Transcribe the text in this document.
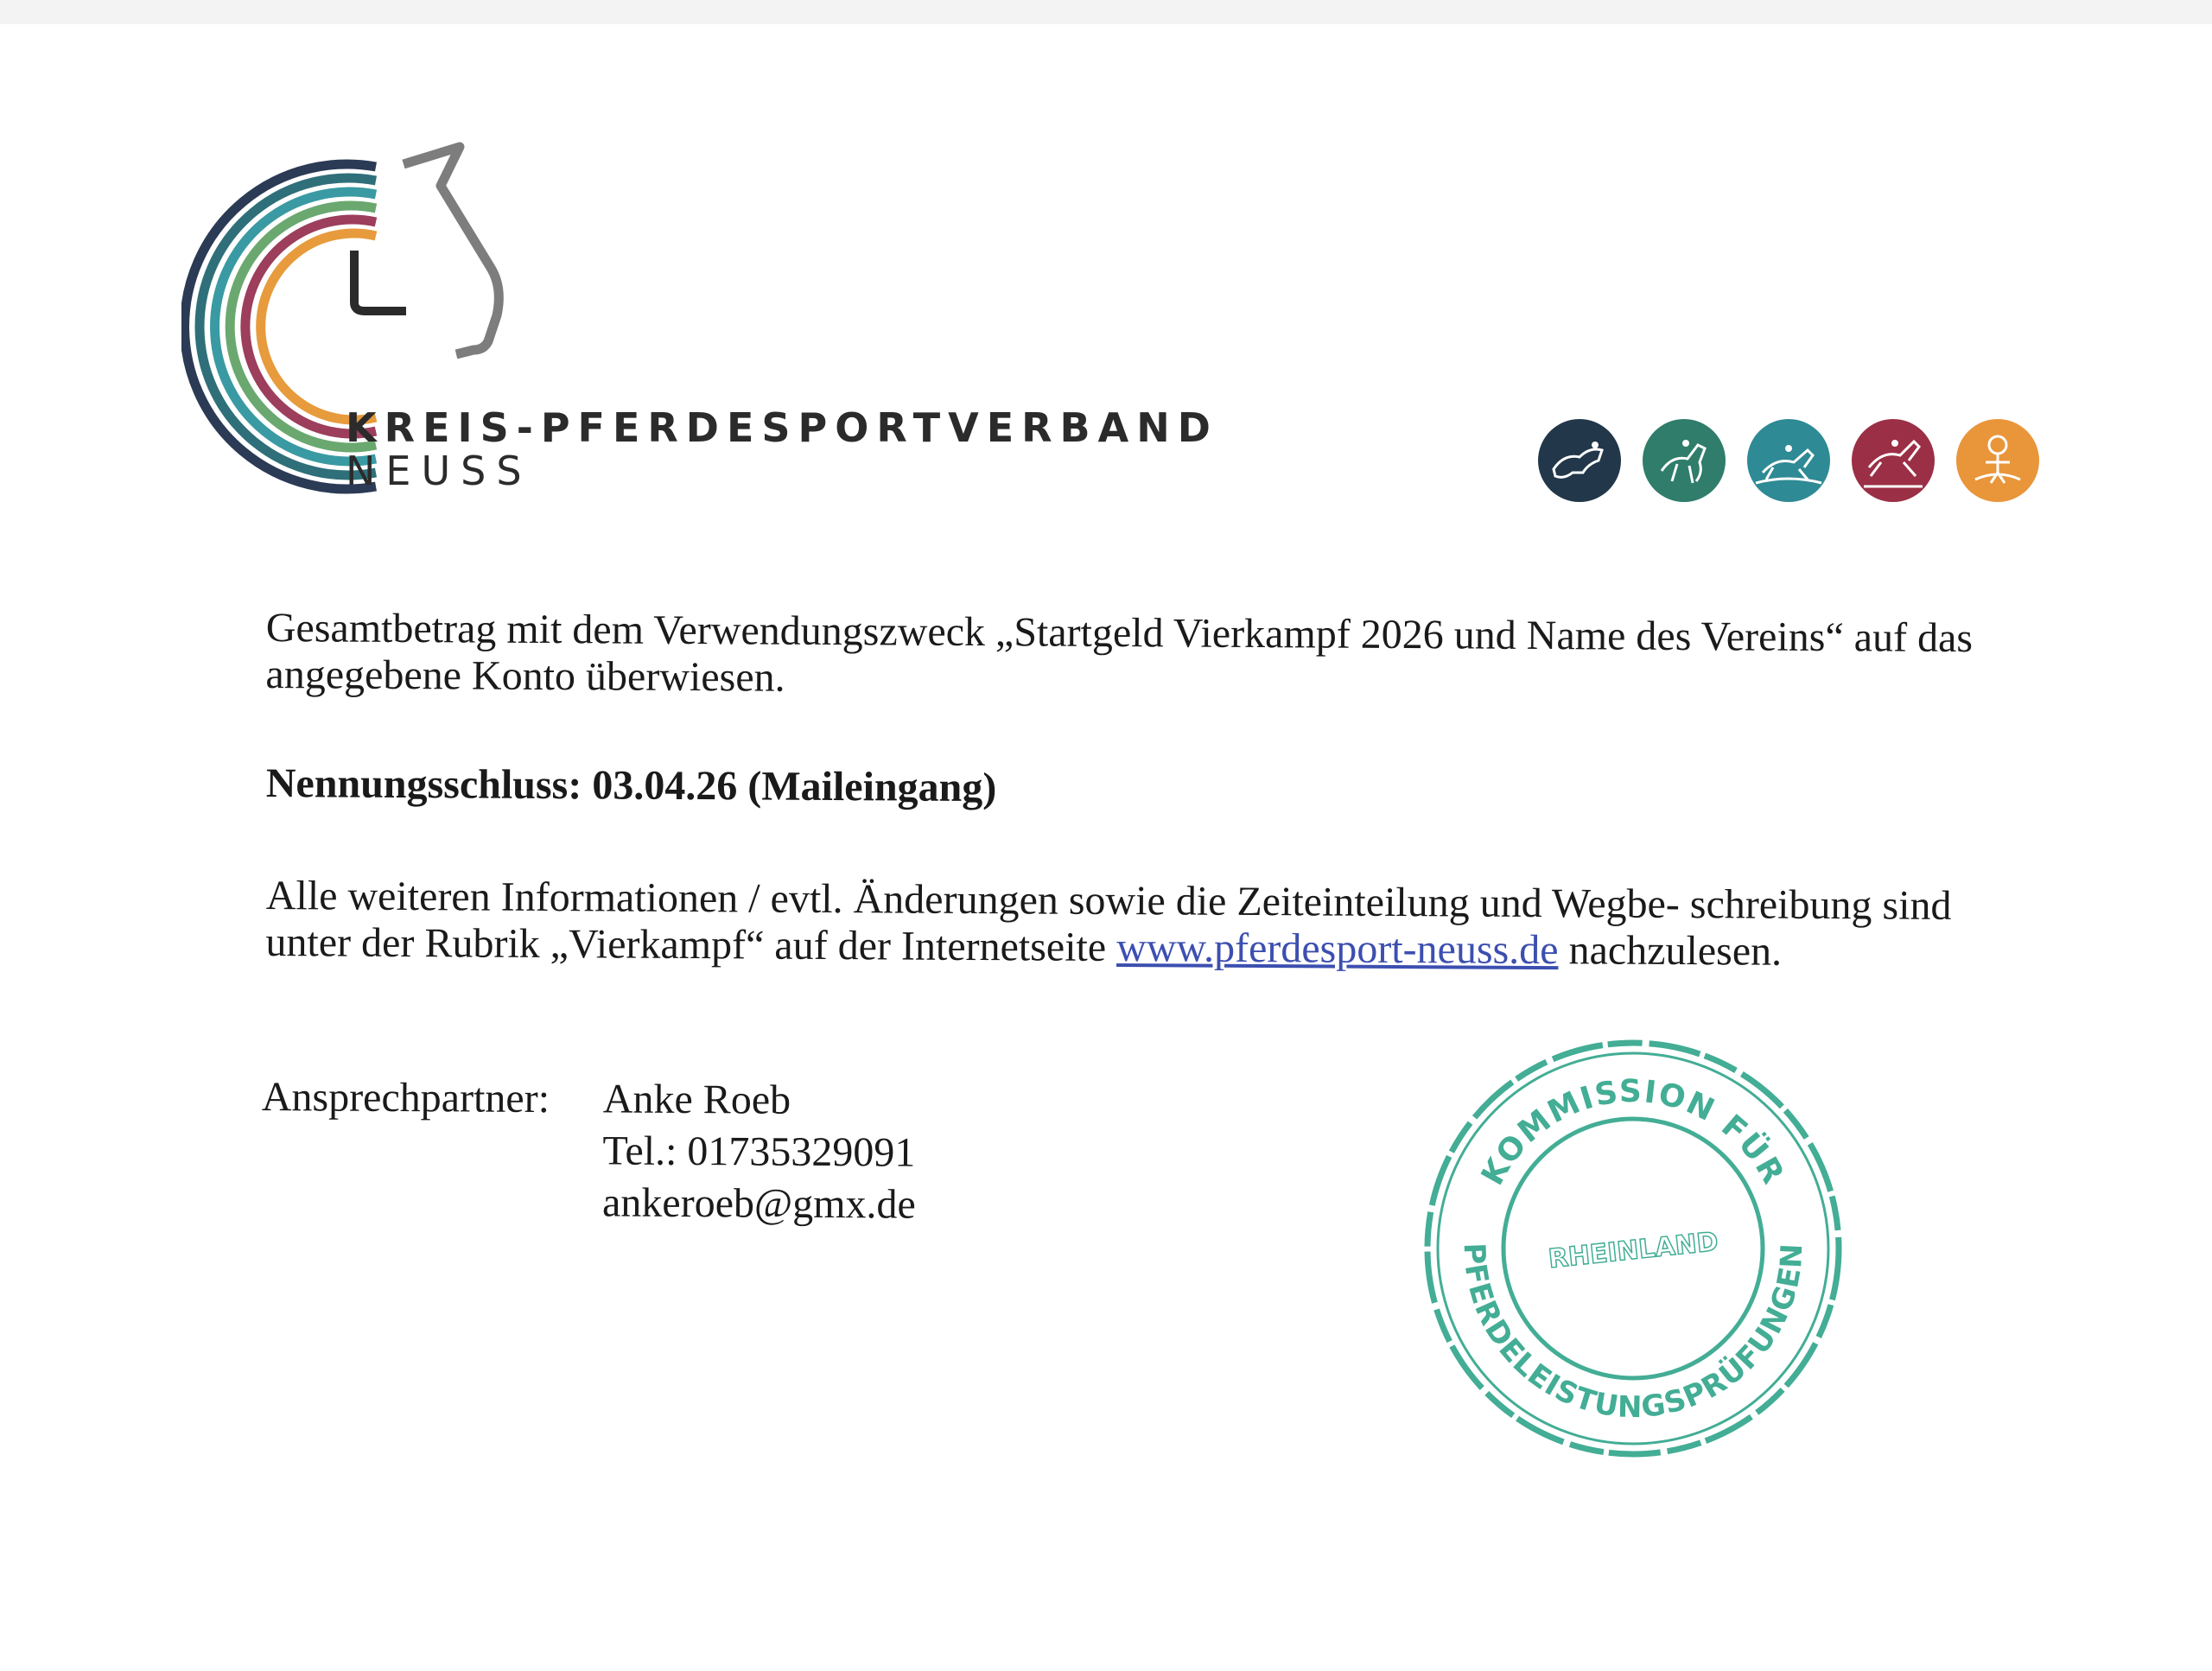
KREIS-PFERDESPORTVERBAND
NEUSS
Gesamtbetrag mit dem Verwendungszweck „Startgeld Vierkampf 2026 und Name des Vereins“ auf das angegebene Konto überwiesen.
Nennungsschluss: 03.04.26 (Maileingang)
Alle weiteren Informationen / evtl. Änderungen sowie die Zeiteinteilung und Wegbe- schreibung sind unter der Rubrik „Vierkampf“ auf der Internetseite www.pferdesport-neuss.de nachzulesen.
Ansprechpartner: Anke Roeb
Tel.: 01735329091
ankeroeb@gmx.de
KOMMISSION FÜR
PFERDELEISTUNGSPRÜFUNGEN
RHEINLAND
